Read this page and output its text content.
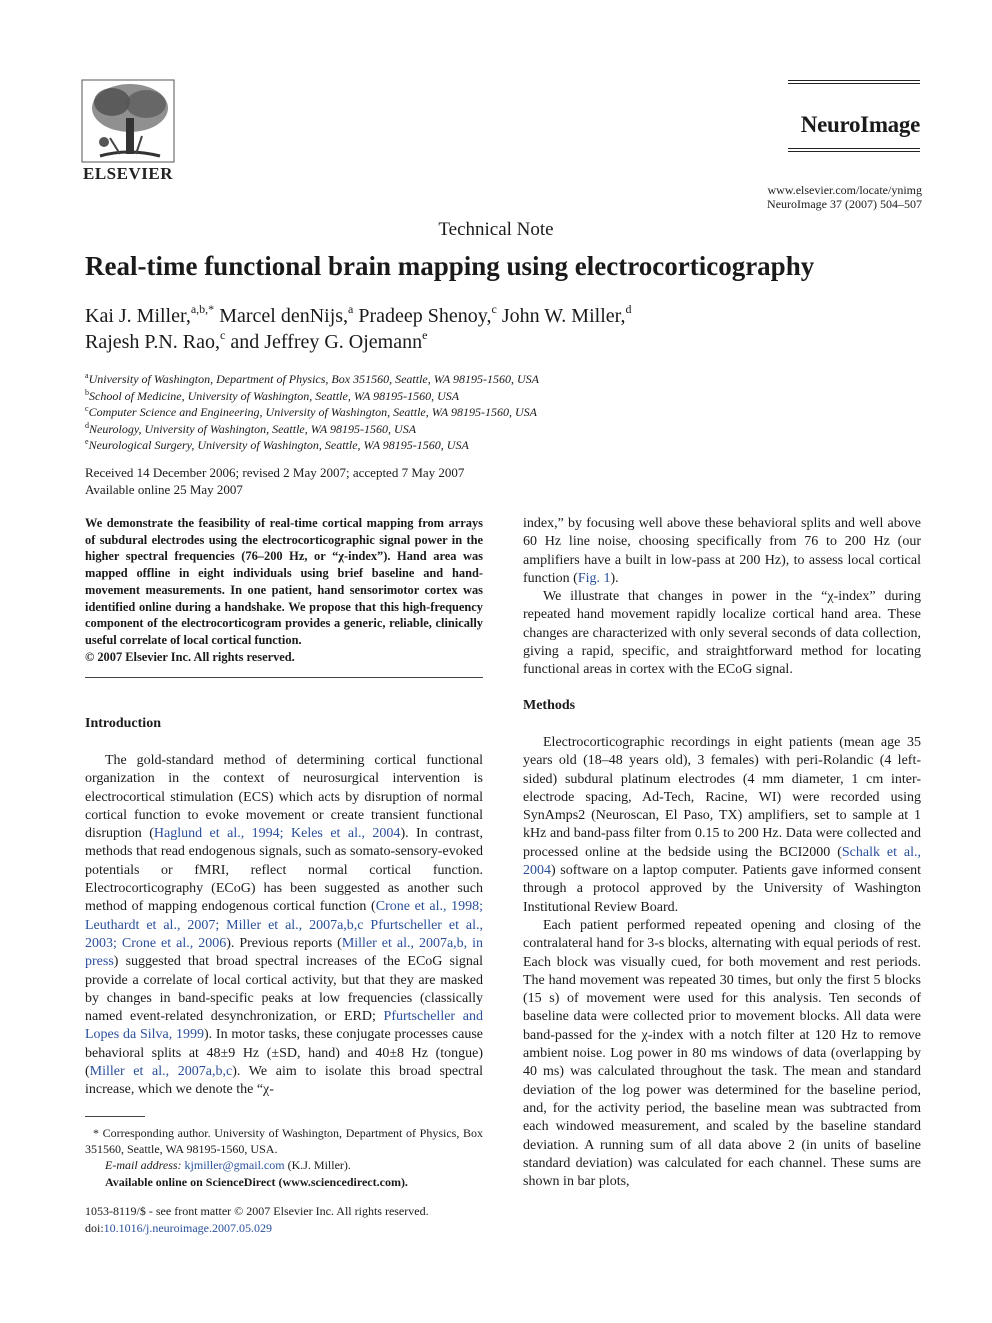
ELSEVIER
NeuroImage
www.elsevier.com/locate/ynimg
NeuroImage 37 (2007) 504–507
Technical Note
Real-time functional brain mapping using electrocorticography
Kai J. Miller,$^{a,b,*}$ Marcel denNijs,$^a$ Pradeep Shenoy,$^c$ John W. Miller,$^d$
Rajesh P.N. Rao,$^c$ and Jeffrey G. Ojemann$^e$
$^a$University of Washington, Department of Physics, Box 351560, Seattle, WA 98195-1560, USA
$^b$School of Medicine, University of Washington, Seattle, WA 98195-1560, USA
$^c$Computer Science and Engineering, University of Washington, Seattle, WA 98195-1560, USA
$^d$Neurology, University of Washington, Seattle, WA 98195-1560, USA
$^e$Neurological Surgery, University of Washington, Seattle, WA 98195-1560, USA
Received 14 December 2006; revised 2 May 2007; accepted 7 May 2007
Available online 25 May 2007
We demonstrate the feasibility of real-time cortical mapping from arrays of subdural electrodes using the electrocorticographic signal power in the higher spectral frequencies (76–200 Hz, or “χ-index”). Hand area was mapped offline in eight individuals using brief baseline and hand-movement measurements. In one patient, hand sensorimotor cortex was identified online during a handshake. We propose that this high-frequency component of the electrocorticogram provides a generic, reliable, clinically useful correlate of local cortical function.
© 2007 Elsevier Inc. All rights reserved.
Introduction

The gold-standard method of determining cortical functional organization in the context of neurosurgical intervention is electrocortical stimulation (ECS) which acts by disruption of normal cortical function to evoke movement or create transient functional disruption (Haglund et al., 1994; Keles et al., 2004). In contrast, methods that read endogenous signals, such as somato-sensory-evoked potentials or fMRI, reflect normal cortical function. Electrocorticography (ECoG) has been suggested as another such method of mapping endogenous cortical function (Crone et al., 1998; Leuthardt et al., 2007; Miller et al., 2007a,b,c Pfurtscheller et al., 2003; Crone et al., 2006). Previous reports (Miller et al., 2007a,b, in press) suggested that broad spectral increases of the ECoG signal provide a correlate of local cortical activity, but that they are masked by changes in band-specific peaks at low frequencies (classically named event-related desynchronization, or ERD; Pfurtscheller and Lopes da Silva, 1999). In motor tasks, these conjugate processes cause behavioral splits at 48±9 Hz (±SD, hand) and 40±8 Hz (tongue) (Miller et al., 2007a,b,c). We aim to isolate this broad spectral increase, which we denote the “χ-

* Corresponding author. University of Washington, Department of Physics, Box 351560, Seattle, WA 98195-1560, USA.
E-mail address: kjmiller@gmail.com (K.J. Miller).
Available online on ScienceDirect (www.sciencedirect.com).
1053-8119/$ - see front matter © 2007 Elsevier Inc. All rights reserved.
doi:10.1016/j.neuroimage.2007.05.029

index,” by focusing well above these behavioral splits and well above 60 Hz line noise, choosing specifically from 76 to 200 Hz (our amplifiers have a built in low-pass at 200 Hz), to assess local cortical function (Fig. 1).

We illustrate that changes in power in the “χ-index” during repeated hand movement rapidly localize cortical hand area. These changes are characterized with only several seconds of data collection, giving a rapid, specific, and straightforward method for locating functional areas in cortex with the ECoG signal.

Methods

Electrocorticographic recordings in eight patients (mean age 35 years old (18–48 years old), 3 females) with peri-Rolandic (4 left-sided) subdural platinum electrodes (4 mm diameter, 1 cm inter-electrode spacing, Ad-Tech, Racine, WI) were recorded using SynAmps2 (Neuroscan, El Paso, TX) amplifiers, set to sample at 1 kHz and band-pass filter from 0.15 to 200 Hz. Data were collected and processed online at the bedside using the BCI2000 (Schalk et al., 2004) software on a laptop computer. Patients gave informed consent through a protocol approved by the University of Washington Institutional Review Board.

Each patient performed repeated opening and closing of the contralateral hand for 3-s blocks, alternating with equal periods of rest. Each block was visually cued, for both movement and rest periods. The hand movement was repeated 30 times, but only the first 5 blocks (15 s) of movement were used for this analysis. Ten seconds of baseline data were collected prior to movement blocks. All data were band-passed for the χ-index with a notch filter at 120 Hz to remove ambient noise. Log power in 80 ms windows of data (overlapping by 40 ms) was calculated throughout the task. The mean and standard deviation of the log power was determined for the baseline period, and, for the activity period, the baseline mean was subtracted from each windowed measurement, and scaled by the baseline standard deviation. A running sum of all data above 2 (in units of baseline standard deviation) was calculated for each channel. These sums are shown in bar plots,
